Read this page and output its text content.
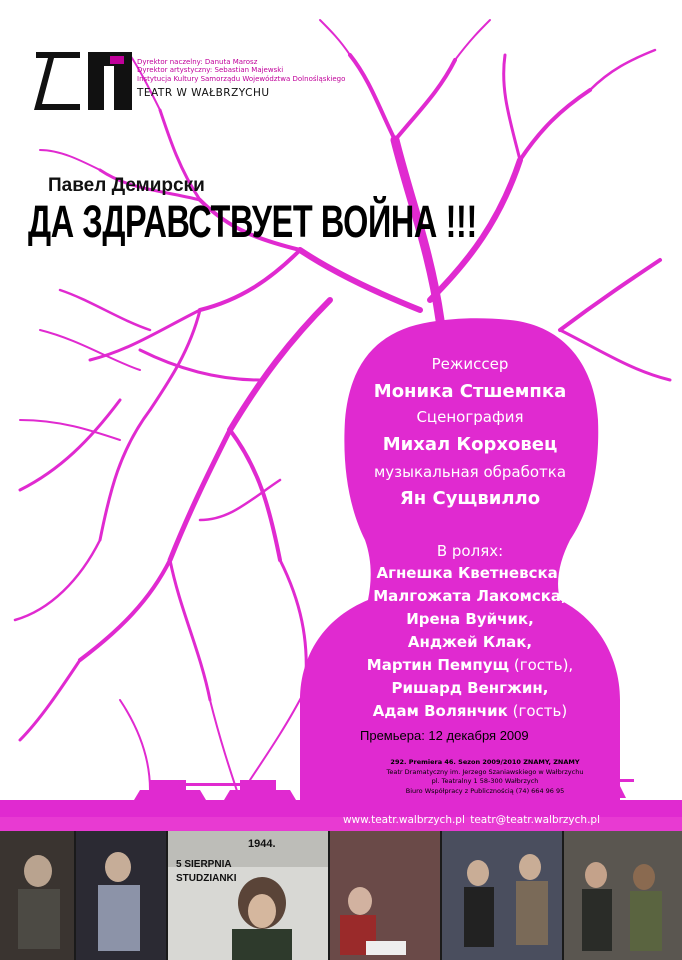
Dyrektor naczelny: Danuta Marosz
Dyrektor artystyczny: Sebastian Majewski
Instytucja Kultury Samorządu Województwa Dolnośląskiego
TEATR W WAŁBRZYCHU
Павел Демирски
ДА ЗДРАВСТВУЕТ ВОЙНА !!!
Режиссер
Моника Стшемпка
Сценография
Михал Корховец
музыкальная обработка
Ян Сущвилло
В ролях:
Агнешка Кветневска,
Малгожата Лакомска,
Ирена Вуйчик,
Анджей Клак,
Мартин Пемпущ (гость),
Ришард Венгжин,
Адам Волянчик (гость)
Премьера: 12 декабря 2009
292. Premiera 46. Sezon 2009/2010 ZNAMY, ZNAMY
Teatr Dramatyczny im. Jerzego Szaniawskiego w Wałbrzychu
pl. Teatralny 1 58-300 Wałbrzych
Biuro Współpracy z Publicznością (74) 664 96 95
www.teatr.walbrzych.pl teatr@teatr.walbrzych.pl
1944.
5 SIERPNIA
STUDZIANKI
